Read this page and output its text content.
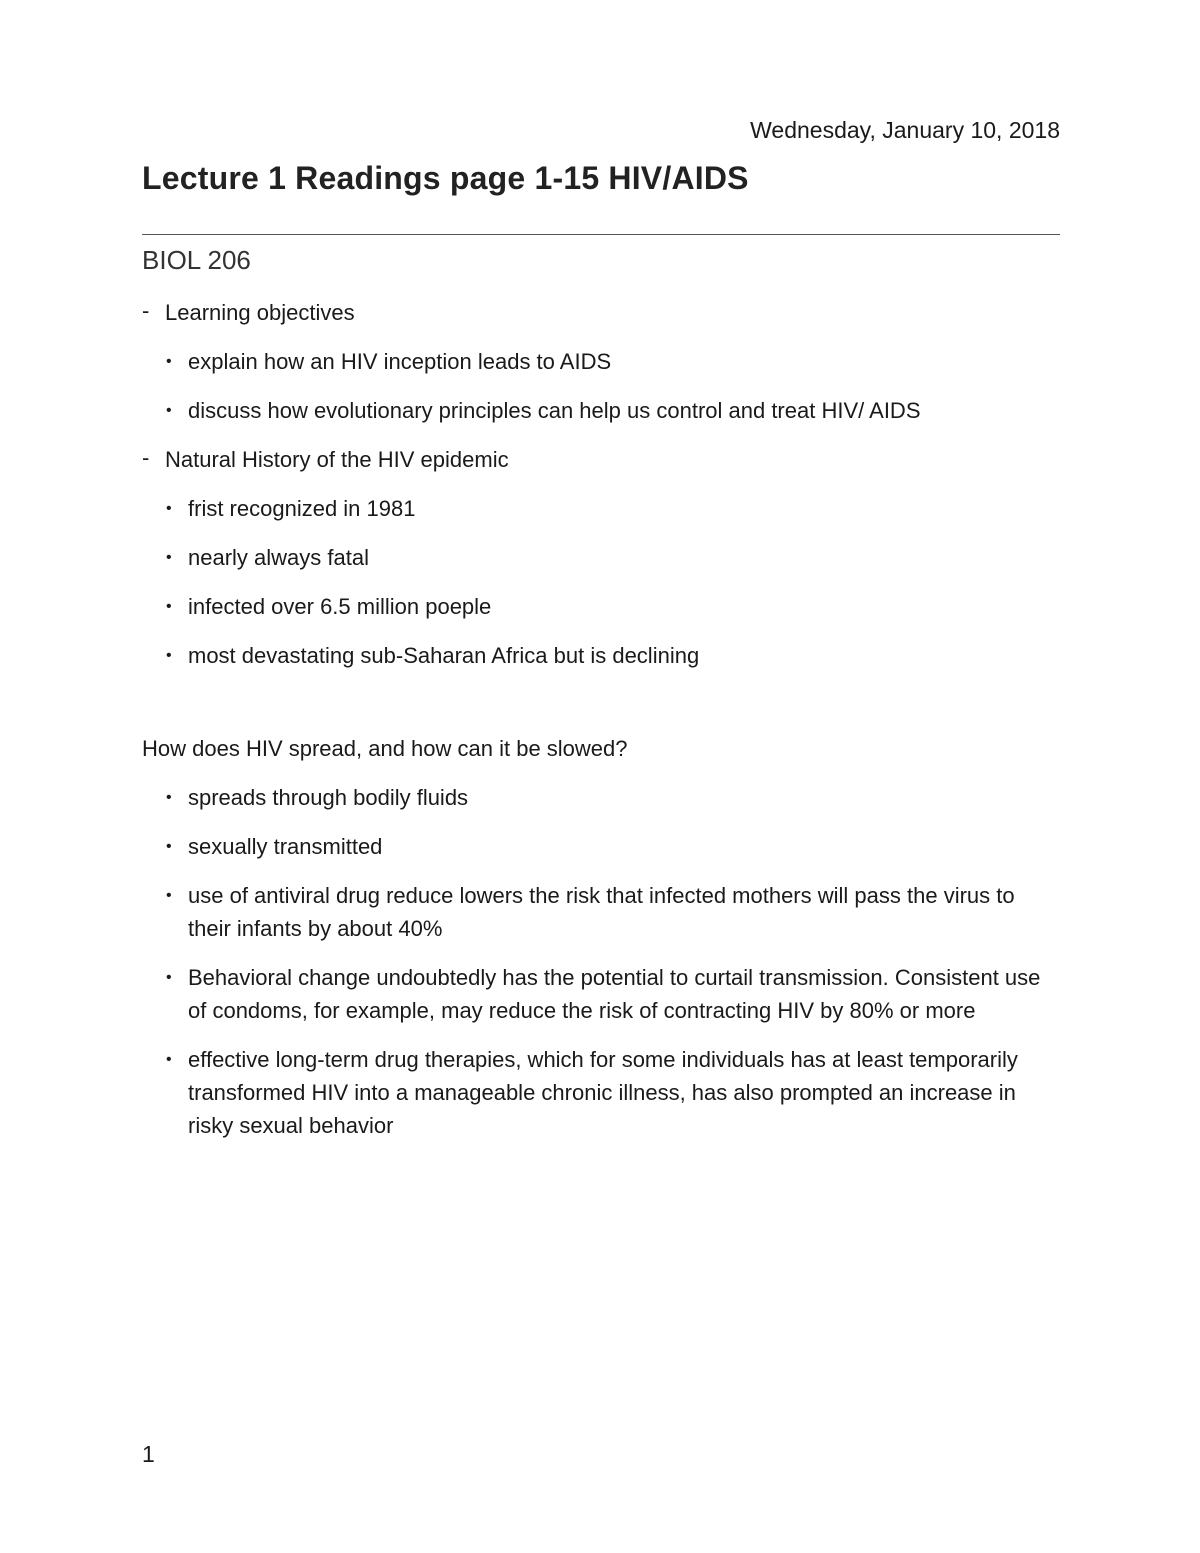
Wednesday, January 10, 2018
Lecture 1 Readings page 1-15 HIV/AIDS
BIOL 206
- Learning objectives
• explain how an HIV inception leads to AIDS
• discuss how evolutionary principles can help us control and treat HIV/ AIDS
- Natural History of the HIV epidemic
• frist recognized in 1981
• nearly always fatal
• infected over 6.5 million poeple
• most devastating sub-Saharan Africa but is declining
How does HIV spread, and how can it be slowed?
• spreads through bodily fluids
• sexually transmitted
• use of antiviral drug reduce lowers the risk that infected mothers will pass the virus to their infants by about 40%
• Behavioral change undoubtedly has the potential to curtail transmission. Consistent use of condoms, for example, may reduce the risk of contracting HIV by 80% or more
• effective long-term drug therapies, which for some individuals has at least temporarily transformed HIV into a manageable chronic illness, has also prompted an increase in risky sexual behavior
1
